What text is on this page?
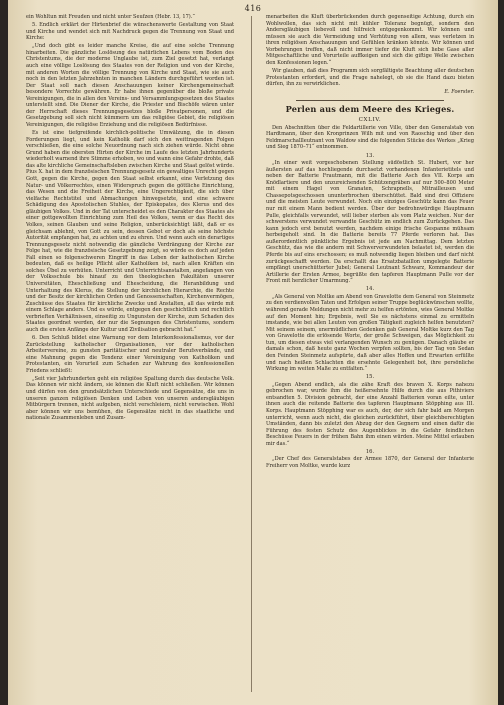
416

ein Wohltun mit Freuden und nicht unter Seufzen (Hebr. 13, 17).“

5. Endlich erklärt der Hirtenbrief die wünschenswerte Gestaltung von Staat und Kirche und wendet sich mit Nachdruck gegen die Trennung von Staat und Kirche:

„Und doch gibt es leider manche Kreise, die auf eine solche Trennung hinarbeiten. Die gänzliche Loslösung des natürlichen Lebens vom Boden des Christentums, die der moderne Unglaube ist, zum Ziel gesetzt hat, verlangt auch eine völlige Loslösung des Staates von der Religion und von der Kirche, mit anderen Worten die völlige Trennung von Kirche und Staat, wie sie auch noch in den letzten Jahrzehnten in manchen Ländern durchgeführt worden ist. Der Staat soll nach diesen Anschauungen keiner Kirchengemeinschaft besondere Vorrechte gewähren. Er habe ihnen gegenüber die bloße private Vereinigungen, die in allen den Vereins- und Versammlungsgesetzen des Staates unterstellt sind. Die Diener der Kirche, die Priester und Bischöfe wären unter der Herrschaft dieses Trennungsgesetzes bloße Privatpersonen, und die Gesetzgebung soll sich nicht kümmern um das religiöse Gebiet, die religiösen Vereinigungen, die religiöse Erziehung und die religiösen Bedürfnisse.

Es ist eine tiefgreifende kirchlich-politische Umwälzung, die in diesen Forderungen liegt, und kein Katholik darf sich den weittragenden Folgen verschließen, die eine solche Neuordnung nach sich ziehen würde. Nicht ohne Grund haben die obersten Hirten der Kirche im Laufe des letzten Jahrhunderts wiederholt warnend ihre Stimme erhoben, wo und wann eine Gefahr drohte, daß das alte kirchliche Gemeinschaftsleben zwischen Kirche und Staat gelöst würde. Pius X. hat in dem französischen Trennungsgesetz ein gewaltiges Unrecht gegen Gott, gegen die Kirche, gegen den Staat selbst erkannt, eine Verletzung des Natur- und Völkerrechtes, einen Widerspruch gegen die göttliche Einrichtung, das Wesen und die Freiheit der Kirche, eine Ungerechtigkeit, die sich über vielfache Rechtstitel und Abmachungen hinwegsetzte, und eine schwere Schädigung des Apostolischen Stuhles, der Episkopates, des Klerus und des gläubigen Volkes. Und in der Tat unterscheidet es den Charakter des Staates als einer gottgewollten Einrichtung zum Heil des Volkes, wenn er das Recht des Volkes, seinen Glauben und seine Religion, unberücksichtigt läßt, daß er es gleichsam ablehnt, von Gott zu sein, dessen Gebot er doch als seine höchste Autorität empfangen hat, zu achten und zu ehren. Und wenn auch ein derartiges Trennungsgesetz nicht notwendig die gänzliche Verdrängung der Kirche zur Folge hat, wie die französische Gesetzgebung zeigt, so würde es doch auf jeden Fall einen so folgenschweren Eingriff in das Leben der katholischen Kirche bedeuten, daß es heilige Pflicht aller Katholiken ist, nach allen Kräften ein solches Übel zu verhüten. Unterricht und Unterrichtsanstalten, angefangen von der Volksschule bis hinauf zu den theologischen Fakultäten unserer Universitäten, Eheschließung und Ehescheidung, die Heranbildung und Unterhaltung des Klerus, die Stellung der kirchlichen Hierarchie, die Rechte und der Besitz der kirchlichen Orden und Genossenschaften, Kirchenvermögen, Zuschüsse des Staates für kirchliche Zwecke und Anstalten, all das würde mit einem Schlage anders. Und es würde, entgegen den geschichtlich und rechtlich verbrieften Verhältnissen, einseitig zu Ungunsten der Kirche, zum Schaden des Staates geordnet werden, der nur die Segnungen des Christentums, sondern auch die ersten Anfänge der Kultur und Zivilisation gebracht hat.“

6. Den Schluß bildet eine Warnung vor dem Interkonfessionalismus, vor der Zurückstellung katholischer Organisationen, vor der katholischen Arbeitervereine, zu gunsten paritätischer und neutraler Berufsverbände, und eine Mahnung gegen die Tendenz einer Vereinigung von Katholiken und Protestanten, ein Vorurteil zum Schaden zur Wahrung des konfessionellen Friedens schließt:

„Seit vier Jahrhunderten geht ein religiöse Spaltung durch das deutsche Volk. Das können wir nicht ändern, sie können die Kluft nicht schließen. Wir können und dürfen von den grundsätzlichen Unterschiede und Gegensätze, die uns in unseren ganzen religiösen Denken und Leben von unseren andersgläubigen Mitbürgern trennen, nicht aufgeben, nicht verschleiern, nicht verwischen. Wohl aber können wir uns bemühen, die Gegensätze nicht in das staatliche und nationale Zusammenleben und Zusam-

menarbeiten die Kluft überbrückenden durch gegenseitige Achtung, durch ein Wohlwollen, das sich nicht mit kühler Toleranz begnügt, sondern den Andersgläubigen liebevoll und hilfreich entgegenkommt. Wir können und müssen sie auch die Vermeidung und Verhütung von allem, was verletzen in ihren religiösen Anschauungen und Gefühlen kränken könnte. Wir können und Vorbehrungen treffen, daß nicht immer tiefer die Kluft sich liebe Gase aller Mitgeschaftliche und Vorurteile auffkeigen und sich die giftige Welle zwischen den Konfessionen legen.“

Wir glauben, daß dies Programm sich sorgfältigste Beachtung aller deutschen Protestanten erfordert, und die Frage nahelegt, ob sie die Hand dazu bieten dürfen, ihn zu verwirklichen.

E. Foerster.
Perlen aus dem Meere des Krieges.
CXLIV.

Den Abschnitten über die Feldartillerie von Ville, über den Generalstab von Hardtmann, über den Kronprinzen Wilh mit und von Raoschig und über den Feldmarschallleutnant von Waldow sind die folgenden Stücke des Werkes „Krieg und Sieg 1870–71“ entnommen.

13.

„In einer weit vorgeschobenen Stellung südöstlich St. Hubert, vor her äußersten auf das hochliegende durchsetzt vorhandenen Infanterietitels und neben der Batterie Frautmann, mit die Batterie Asch des VII. Korps am Knödlartiere und den unzureichenden Schützengräben auf nur 500–800 Meter mit einem Hagel von Granaten, Schrapnells, Mitrailleusen und Chassepotsgeschossen ununterbrochen überschüttet. Bald sind drei Offiziere und die meisten Leute verwundet. Noch ein einziges Geschütz kann das Feuer nur mit einem Mann bedient werden. Über der bedrohnwürdige Hauptmann Pulle, gleichfalls verwundet, will lieber sterben als vom Platz weichen. Nur der schwerstens verwundet verwandte Geschütz im endlich zum Zurückgehen. Das kann jedoch erst benutzt werden, nachdem einige frische Gespanne mühsam herbeigeholt sind. In die Batterie bereits 77 Pferde verloren hat. Das außerordentlich pünktliche Ergebnis ist jede am Nachmittag. Dem letzten Geschütz, das wie die andern mit Schwerverwundeten belastet ist, werden die Pferde bis auf eins erschossen; es muß notwendig liegen bleiben und darf nicht zurückgeschafft werden. Da erschallt das Ersatzbataillon umgelegte Batterie empfängt unerschütterter Jubel; General Leutnant Schwarz, Kommandeur der Artillerie der Ersten Armee, begrüßte den tapferen Hauptmann Pulle vor der Front mit herzlicher Umarmung.“

14.

„Als General von Moltke am Abend von Gravelotte dem General von Steinmetz zu den verdienvollen Taten und Erfolgen seiner Truppe beglückwünschen wollte, während gerade Meldungen nicht mehr zu helfen ertönten, wies General Moltke auf den Moment hin; Ergebnis, weil Sie es nächstens einmal zu ermitteln imstande, wie bei allen Leuten von großen Tätigkeit zugleich helfen benutzten? Mit seinem seinem, unermüdlichen Gedenken gab General Moltke kurz den Tag von Gravelotte die erlösende Worte, der große Schweigen, das Möglichkeit zu tun, um diesen etwas viel verlangenden Wunsch zu genügen. Danach gläube er damals schon, daß heute ganz Wochen verpfen sollten, bis der Tag von Sedan den Feinden Steinmetz aufspürte, daß aber alles Hoffen und Erwarten erfüllte und nach heißen Schlachten die ersehnte Gelegenheit bot, ihre persönliche Wirkung im weiten Maße zu entfalten.“

15.

„Gegen Abend endlich, als die zähe Kraft des braven X. Korps nahezu gebrochen war, wurde ihm die heißersehnte Hilfe durch die aus Pithiviers entsandten 5. Division gebracht, der eine Anzahl Batterien voran eilte, unter ihnen auch die reitende Batterie des tapferen Hauptmann Stöpphing aus III. Korps. Hauptmann Stöpphing war es auch, der, der sich fahr bald am Morgen unterricht, wenn auch nicht, die gleichen zurückführt, über gleichberechtigten Umständen, dann bis zuletzt den Abzug der den Gegnern und einen dafür die Führung des festen Schutz des Augenblickes in die Gefahr feindlichen Beschüsse Feuers in der frühen Bahn ihm einen würden. Meine Mittel erlauben mir das.“

16.

„Der Chef des Generalstabes der Armee 1870, der General der Infanterie Freiherr von Moltke, wurde kurz
